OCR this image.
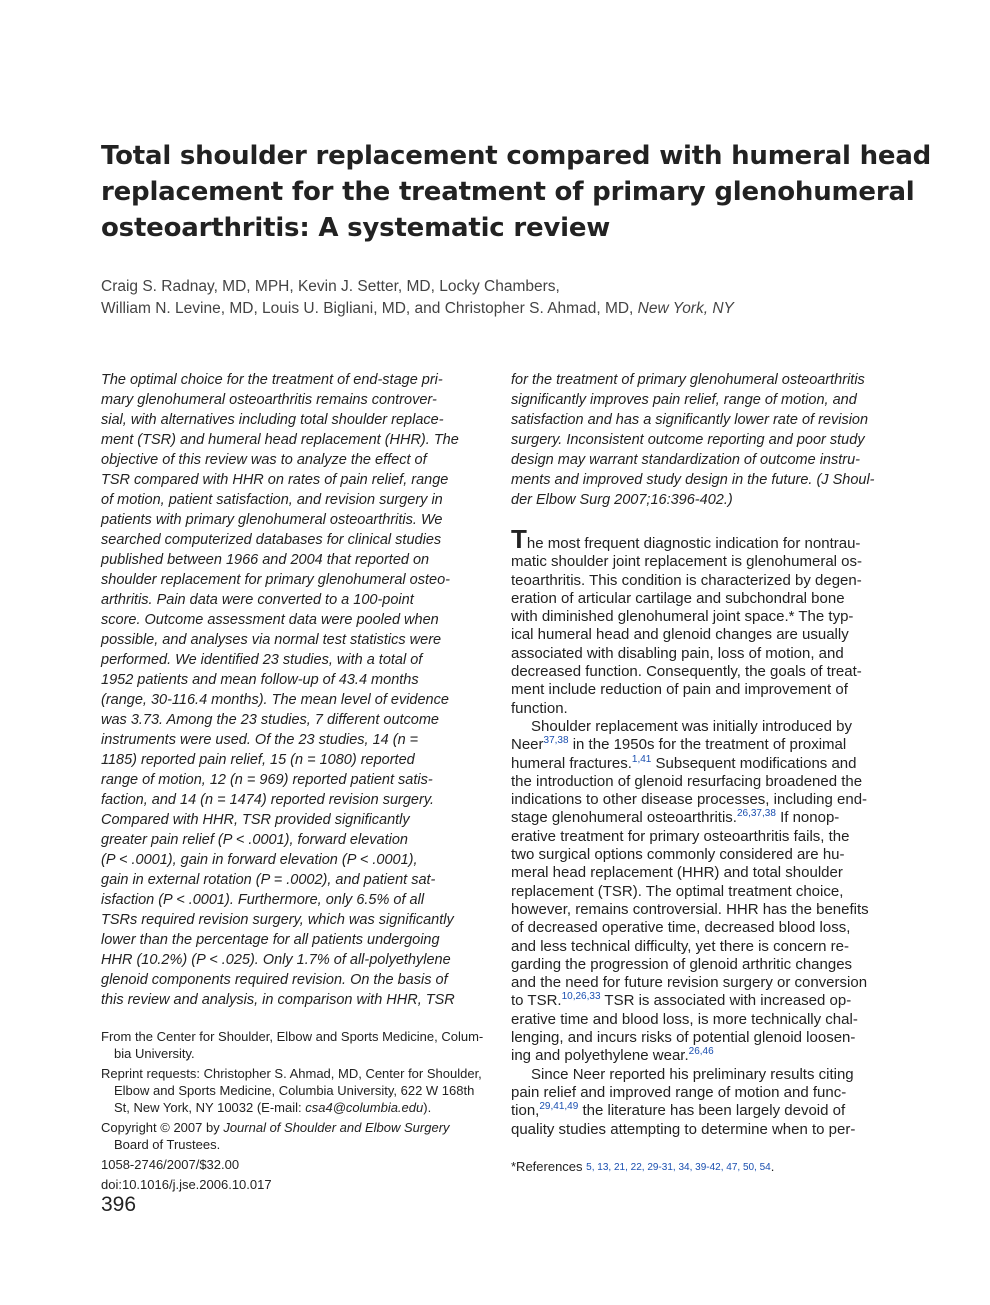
Total shoulder replacement compared with humeral head
replacement for the treatment of primary glenohumeral
osteoarthritis: A systematic review
Craig S. Radnay, MD, MPH, Kevin J. Setter, MD, Locky Chambers,
William N. Levine, MD, Louis U. Bigliani, MD, and Christopher S. Ahmad, MD, New York, NY
The optimal choice for the treatment of end-stage pri-
mary glenohumeral osteoarthritis remains controver-
sial, with alternatives including total shoulder replace-
ment (TSR) and humeral head replacement (HHR). The
objective of this review was to analyze the effect of
TSR compared with HHR on rates of pain relief, range
of motion, patient satisfaction, and revision surgery in
patients with primary glenohumeral osteoarthritis. We
searched computerized databases for clinical studies
published between 1966 and 2004 that reported on
shoulder replacement for primary glenohumeral osteo-
arthritis. Pain data were converted to a 100-point
score. Outcome assessment data were pooled when
possible, and analyses via normal test statistics were
performed. We identified 23 studies, with a total of
1952 patients and mean follow-up of 43.4 months
(range, 30-116.4 months). The mean level of evidence
was 3.73. Among the 23 studies, 7 different outcome
instruments were used. Of the 23 studies, 14 (n =
1185) reported pain relief, 15 (n = 1080) reported
range of motion, 12 (n = 969) reported patient satis-
faction, and 14 (n = 1474) reported revision surgery.
Compared with HHR, TSR provided significantly
greater pain relief (P < .0001), forward elevation
(P < .0001), gain in forward elevation (P < .0001),
gain in external rotation (P = .0002), and patient sat-
isfaction (P < .0001). Furthermore, only 6.5% of all
TSRs required revision surgery, which was significantly
lower than the percentage for all patients undergoing
HHR (10.2%) (P < .025). Only 1.7% of all-polyethylene
glenoid components required revision. On the basis of
this review and analysis, in comparison with HHR, TSR
for the treatment of primary glenohumeral osteoarthritis
significantly improves pain relief, range of motion, and
satisfaction and has a significantly lower rate of revision
surgery. Inconsistent outcome reporting and poor study
design may warrant standardization of outcome instru-
ments and improved study design in the future. (J Shoul-
der Elbow Surg 2007;16:396-402.)
The most frequent diagnostic indication for nontrau-
matic shoulder joint replacement is glenohumeral os-
teoarthritis. This condition is characterized by degen-
eration of articular cartilage and subchondral bone
with diminished glenohumeral joint space.* The typ-
ical humeral head and glenoid changes are usually
associated with disabling pain, loss of motion, and
decreased function. Consequently, the goals of treat-
ment include reduction of pain and improvement of
function.
Shoulder replacement was initially introduced by
Neer$^{37,38}$ in the 1950s for the treatment of proximal
humeral fractures.$^{1,41}$ Subsequent modifications and
the introduction of glenoid resurfacing broadened the
indications to other disease processes, including end-
stage glenohumeral osteoarthritis.$^{26,37,38}$ If nonop-
erative treatment for primary osteoarthritis fails, the
two surgical options commonly considered are hu-
meral head replacement (HHR) and total shoulder
replacement (TSR). The optimal treatment choice,
however, remains controversial. HHR has the benefits
of decreased operative time, decreased blood loss,
and less technical difficulty, yet there is concern re-
garding the progression of glenoid arthritic changes
and the need for future revision surgery or conversion
to TSR.$^{10,26,33}$ TSR is associated with increased op-
erative time and blood loss, is more technically chal-
lenging, and incurs risks of potential glenoid loosen-
ing and polyethylene wear.$^{26,46}$
Since Neer reported his preliminary results citing
pain relief and improved range of motion and func-
tion,$^{29,41,49}$ the literature has been largely devoid of
quality studies attempting to determine when to per-
*References 5, 13, 21, 22, 29-31, 34, 39-42, 47, 50, 54.
From the Center for Shoulder, Elbow and Sports Medicine, Colum-
bia University.
Reprint requests: Christopher S. Ahmad, MD, Center for Shoulder,
Elbow and Sports Medicine, Columbia University, 622 W 168th
St, New York, NY 10032 (E-mail: csa4@columbia.edu).
Copyright © 2007 by Journal of Shoulder and Elbow Surgery
Board of Trustees.
1058-2746/2007/$32.00
doi:10.1016/j.jse.2006.10.017
396
